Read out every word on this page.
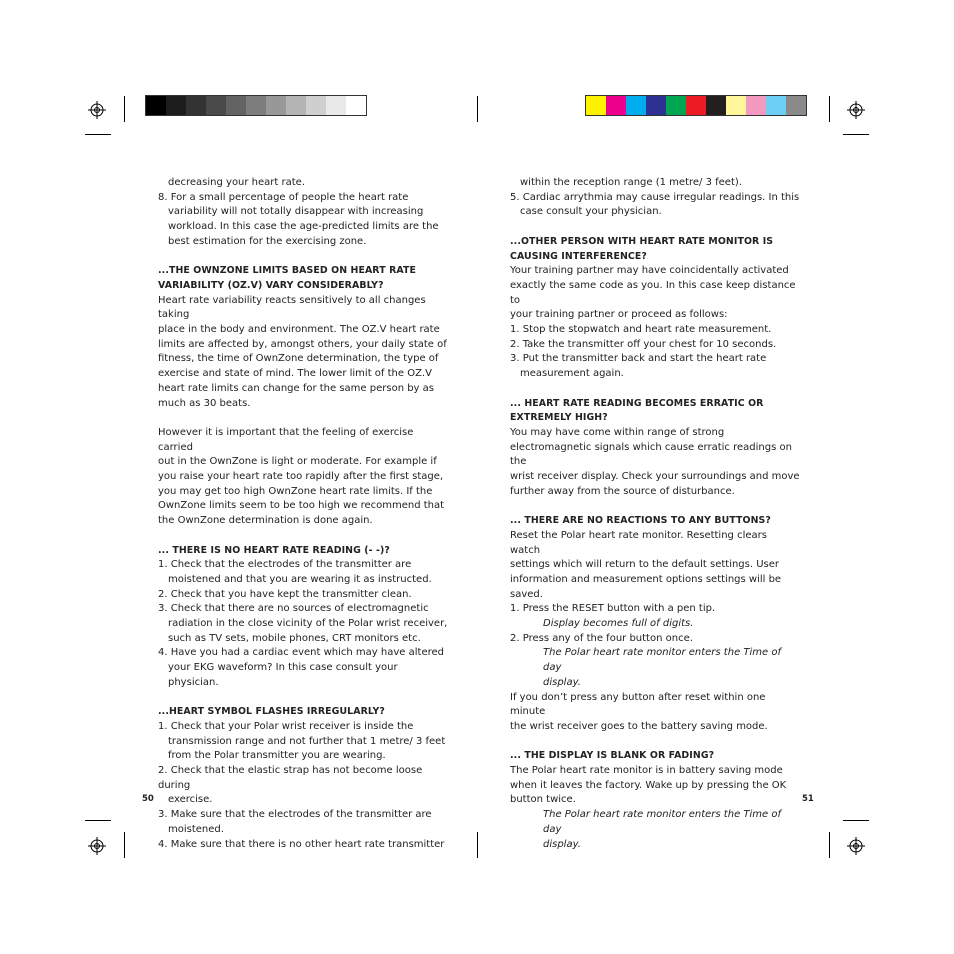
decreasing your heart rate.

8. For a small percentage of people the heart rate

variability will not totally disappear with increasing

workload. In this case the age-predicted limits are the

best estimation for the exercising zone.

...THE OWNZONE LIMITS BASED ON HEART RATE
VARIABILITY (OZ.V) VARY CONSIDERABLY?

Heart rate variability reacts sensitively to all changes taking

place in the body and environment. The OZ.V heart rate

limits are affected by, amongst others, your daily state of

fitness, the time of OwnZone determination, the type of

exercise and state of mind. The lower limit of the OZ.V

heart rate limits can change for the same person by as

much as 30 beats.

However it is important that the feeling of exercise carried

out in the OwnZone is light or moderate. For example if

you raise your heart rate too rapidly after the first stage,

you may get too high OwnZone heart rate limits. If the

OwnZone limits seem to be too high we recommend that

the OwnZone determination is done again.

... THERE IS NO HEART RATE READING (- -)?

1. Check that the electrodes of the transmitter are

moistened and that you are wearing it as instructed.

2. Check that you have kept the transmitter clean.

3. Check that there are no sources of electromagnetic

radiation in the close vicinity of the Polar wrist receiver,

such as TV sets, mobile phones, CRT monitors etc.

4. Have you had a cardiac event which may have altered

your EKG waveform? In this case consult your physician.

...HEART SYMBOL FLASHES IRREGULARLY?

1. Check that your Polar wrist receiver is inside the

transmission range and not further that 1 metre/ 3 feet

from the Polar transmitter you are wearing.

2. Check that the elastic strap has not become loose during

exercise.

3. Make sure that the electrodes of the transmitter are

moistened.

4. Make sure that there is no other heart rate transmitter

within the reception range (1 metre/ 3 feet).

5. Cardiac arrythmia may cause irregular readings. In this

case consult your physician.

...OTHER PERSON WITH HEART RATE MONITOR IS
CAUSING INTERFERENCE?

Your training partner may have coincidentally activated

exactly the same code as you. In this case keep distance to

your training partner or proceed as follows:

1. Stop the stopwatch and heart rate measurement.

2. Take the transmitter off your chest for 10 seconds.

3. Put the transmitter back and start the heart rate

measurement again.

... HEART RATE READING BECOMES ERRATIC OR
EXTREMELY HIGH?

You may have come within range of strong

electromagnetic signals which cause erratic readings on the

wrist receiver display. Check your surroundings and move

further away from the source of disturbance.

... THERE ARE NO REACTIONS TO ANY BUTTONS?

Reset the Polar heart rate monitor. Resetting clears watch

settings which will return to the default settings. User

information and measurement options settings will be

saved.

1. Press the RESET button with a pen tip.

Display becomes full of digits.

2. Press any of the four button once.

The Polar heart rate monitor enters the Time of day

display.

If you don’t press any button after reset within one minute

the wrist receiver goes to the battery saving mode.

... THE DISPLAY IS BLANK OR FADING?

The Polar heart rate monitor is in battery saving mode

when it leaves the factory. Wake up by pressing the OK

button twice.

The Polar heart rate monitor enters the Time of day

display.

50	51
